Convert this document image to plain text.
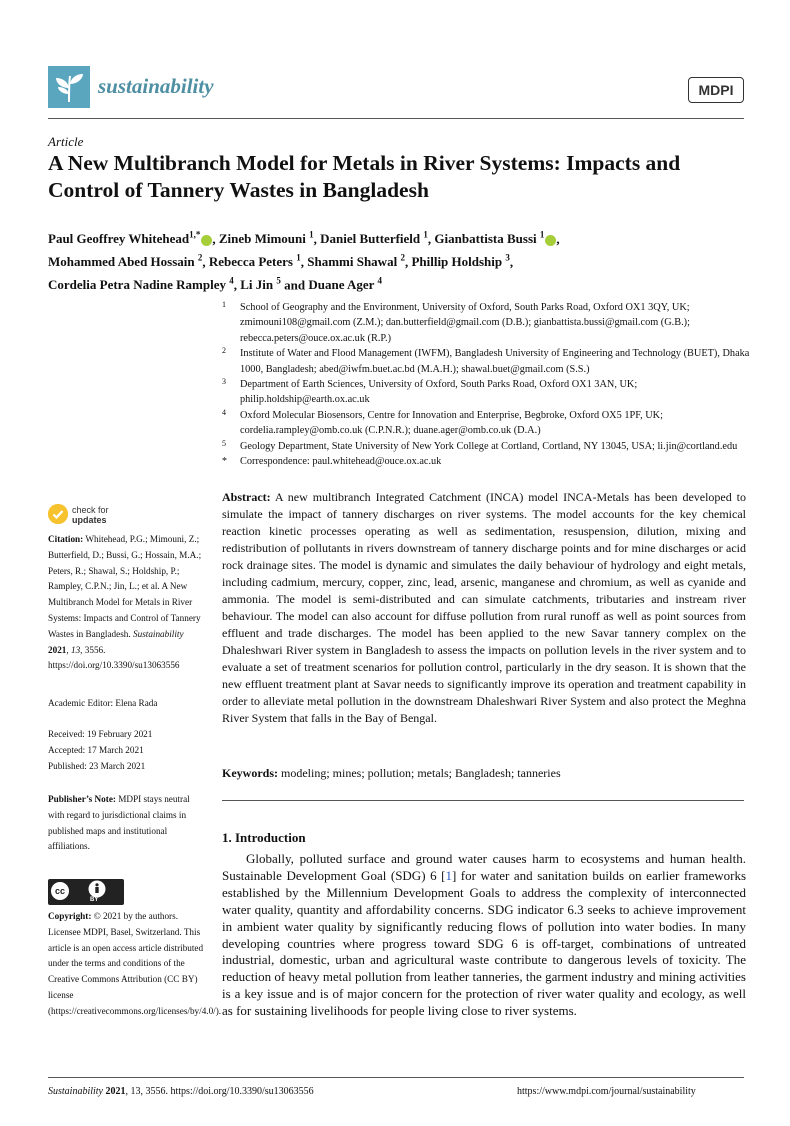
sustainability	MDPI
Article
A New Multibranch Model for Metals in River Systems: Impacts and Control of Tannery Wastes in Bangladesh
Paul Geoffrey Whitehead$^{1,*}$ , Zineb Mimouni $^1$, Daniel Butterfield $^1$, Gianbattista Bussi $^1$ ,
Mohammed Abed Hossain $^2$, Rebecca Peters $^1$, Shammi Shawal $^2$, Phillip Holdship $^3$,
Cordelia Petra Nadine Rampley $^4$, Li Jin $^5$ and Duane Ager $^4$
1 School of Geography and the Environment, University of Oxford, South Parks Road, Oxford OX1 3QY, UK; zmimouni108@gmail.com (Z.M.); dan.butterfield@gmail.com (D.B.); gianbattista.bussi@gmail.com (G.B.); rebecca.peters@ouce.ox.ac.uk (R.P.)
2 Institute of Water and Flood Management (IWFM), Bangladesh University of Engineering and Technology (BUET), Dhaka 1000, Bangladesh; abed@iwfm.buet.ac.bd (M.A.H.); shawal.buet@gmail.com (S.S.)
3 Department of Earth Sciences, University of Oxford, South Parks Road, Oxford OX1 3AN, UK; philip.holdship@earth.ox.ac.uk
4 Oxford Molecular Biosensors, Centre for Innovation and Enterprise, Begbroke, Oxford OX5 1PF, UK; cordelia.rampley@omb.co.uk (C.P.N.R.); duane.ager@omb.co.uk (D.A.)
5 Geology Department, State University of New York College at Cortland, Cortland, NY 13045, USA; li.jin@cortland.edu
* Correspondence: paul.whitehead@ouce.ox.ac.uk
check for
updates
Citation: Whitehead, P.G.; Mimouni, Z.; Butterfield, D.; Bussi, G.; Hossain, M.A.; Peters, R.; Shawal, S.; Holdship, P.; Rampley, C.P.N.; Jin, L.; et al. A New Multibranch Model for Metals in River Systems: Impacts and Control of Tannery Wastes in Bangladesh. Sustainability 2021, 13, 3556. https://doi.org/10.3390/su13063556
Academic Editor: Elena Rada
Received: 19 February 2021
Accepted: 17 March 2021
Published: 23 March 2021
Publisher’s Note: MDPI stays neutral with regard to jurisdictional claims in published maps and institutional affiliations.
cc
BY
Copyright: © 2021 by the authors. Licensee MDPI, Basel, Switzerland. This article is an open access article distributed under the terms and conditions of the Creative Commons Attribution (CC BY) license (https://creativecommons.org/licenses/by/4.0/).
Abstract: A new multibranch Integrated Catchment (INCA) model INCA-Metals has been developed to simulate the impact of tannery discharges on river systems. The model accounts for the key chemical reaction kinetic processes operating as well as sedimentation, resuspension, dilution, mixing and redistribution of pollutants in rivers downstream of tannery discharge points and for mine discharges or acid rock drainage sites. The model is dynamic and simulates the daily behaviour of hydrology and eight metals, including cadmium, mercury, copper, zinc, lead, arsenic, manganese and chromium, as well as cyanide and ammonia. The model is semi-distributed and can simulate catchments, tributaries and instream river behaviour. The model can also account for diffuse pollution from rural runoff as well as point sources from effluent and trade discharges. The model has been applied to the new Savar tannery complex on the Dhaleshwari River system in Bangladesh to assess the impacts on pollution levels in the river system and to evaluate a set of treatment scenarios for pollution control, particularly in the dry season. It is shown that the new effluent treatment plant at Savar needs to significantly improve its operation and treatment capability in order to alleviate metal pollution in the downstream Dhaleshwari River System and also protect the Meghna River System that falls in the Bay of Bengal.
Keywords: modeling; mines; pollution; metals; Bangladesh; tanneries
1. Introduction

Globally, polluted surface and ground water causes harm to ecosystems and human health. Sustainable Development Goal (SDG) 6 [1] for water and sanitation builds on earlier frameworks established by the Millennium Development Goals to address the complexity of interconnected water quality, quantity and affordability concerns. SDG indicator 6.3 seeks to achieve improvement in ambient water quality by significantly reducing flows of pollution into water bodies. In many developing countries where progress toward SDG 6 is off-target, combinations of untreated industrial, domestic, urban and agricultural waste contribute to dangerous levels of toxicity. The reduction of heavy metal pollution from leather tanneries, the garment industry and mining activities is a key issue and is of major concern for the protection of river water quality and ecology, as well as for sustaining livelihoods for people living close to river systems.

Sustainability 2021, 13, 3556. https://doi.org/10.3390/su13063556	https://www.mdpi.com/journal/sustainability
